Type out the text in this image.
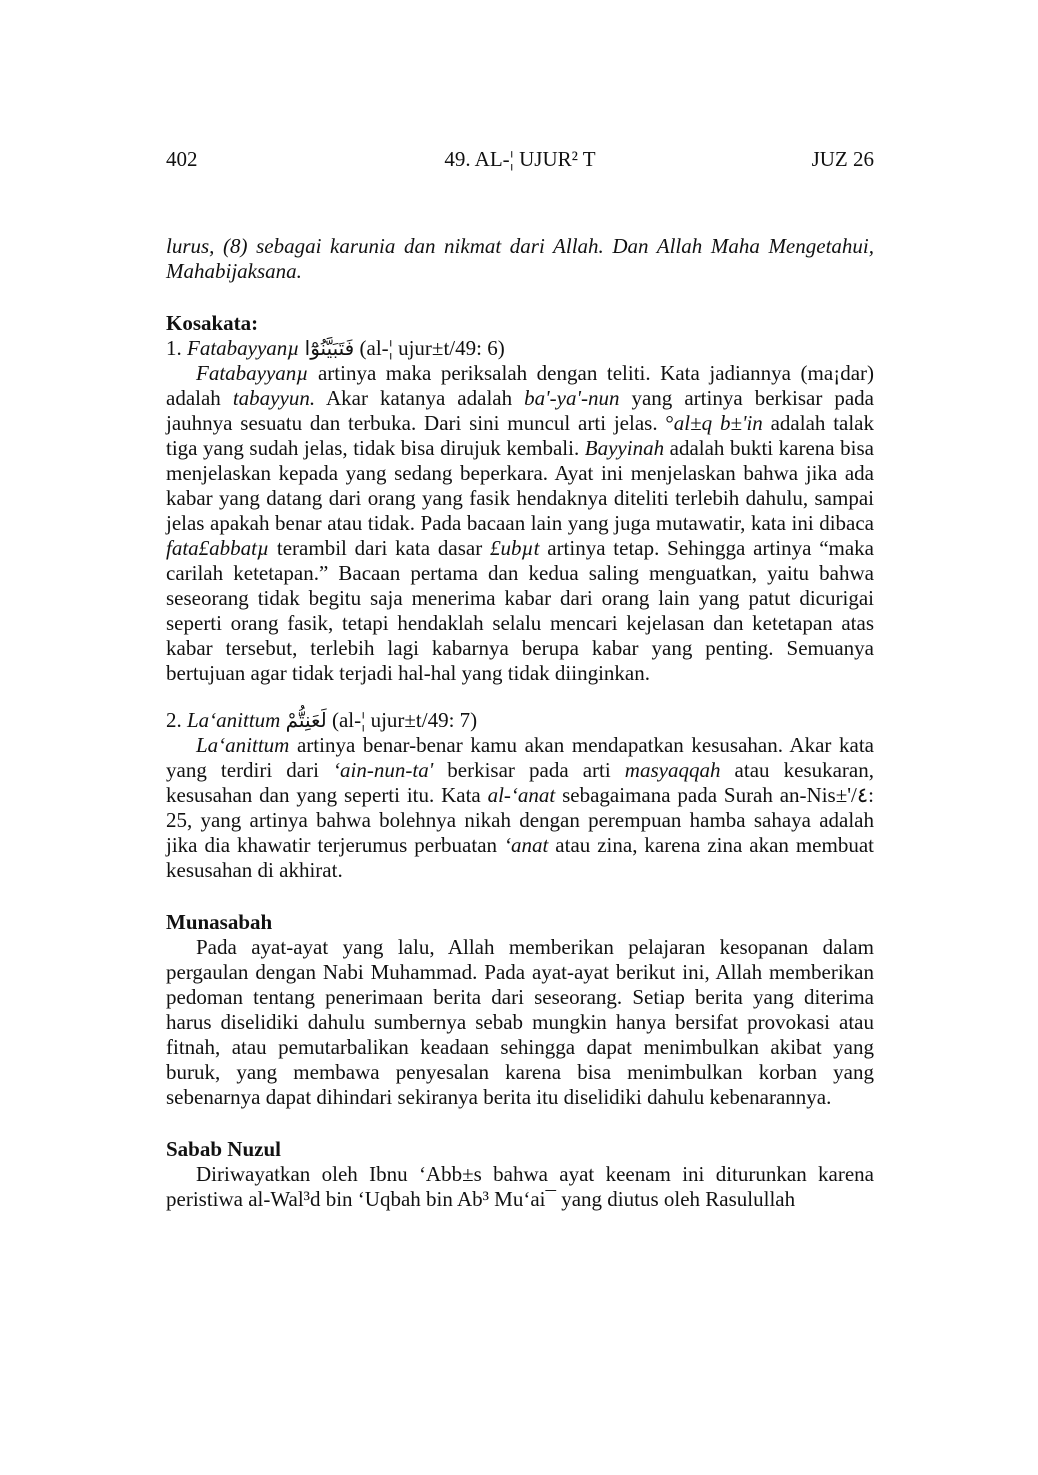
402	49. AL-¦ UJUR² T	JUZ 26

lurus, (8) sebagai karunia dan nikmat dari Allah. Dan Allah Maha Mengetahui, Mahabijaksana.

Kosakata:

1. Fatabayyanµ فَتَبَيَّنُوْٓا (al-¦ ujur±t/49: 6)

Fatabayyanµ artinya maka periksalah dengan teliti. Kata jadiannya (ma¡dar) adalah tabayyun. Akar katanya adalah ba'-ya'-nun yang artinya berkisar pada jauhnya sesuatu dan terbuka. Dari sini muncul arti jelas. °al±q b±'in adalah talak tiga yang sudah jelas, tidak bisa dirujuk kembali. Bayyinah adalah bukti karena bisa menjelaskan kepada yang sedang beperkara. Ayat ini menjelaskan bahwa jika ada kabar yang datang dari orang yang fasik hendaknya diteliti terlebih dahulu, sampai jelas apakah benar atau tidak. Pada bacaan lain yang juga mutawatir, kata ini dibaca fata£abbatµ terambil dari kata dasar £ubµt artinya tetap. Sehingga artinya “maka carilah ketetapan.” Bacaan pertama dan kedua saling menguatkan, yaitu bahwa seseorang tidak begitu saja menerima kabar dari orang lain yang patut dicurigai seperti orang fasik, tetapi hendaklah selalu mencari kejelasan dan ketetapan atas kabar tersebut, terlebih lagi kabarnya berupa kabar yang penting. Semuanya bertujuan agar tidak terjadi hal-hal yang tidak diinginkan.

2. La‘anittum لَعَنِتُّمْ (al-¦ ujur±t/49: 7)

La‘anittum artinya benar-benar kamu akan mendapatkan kesusahan. Akar kata yang terdiri dari ‘ain-nun-ta' berkisar pada arti masyaqqah atau kesukaran, kesusahan dan yang seperti itu. Kata al-‘anat sebagaimana pada Surah an-Nis±'/٤: 25, yang artinya bahwa bolehnya nikah dengan perempuan hamba sahaya adalah jika dia khawatir terjerumus perbuatan ‘anat atau zina, karena zina akan membuat kesusahan di akhirat.

Munasabah

Pada ayat-ayat yang lalu, Allah memberikan pelajaran kesopanan dalam pergaulan dengan Nabi Muhammad. Pada ayat-ayat berikut ini, Allah memberikan pedoman tentang penerimaan berita dari seseorang. Setiap berita yang diterima harus diselidiki dahulu sumbernya sebab mungkin hanya bersifat provokasi atau fitnah, atau pemutarbalikan keadaan sehingga dapat menimbulkan akibat yang buruk, yang membawa penyesalan karena bisa menimbulkan korban yang sebenarnya dapat dihindari sekiranya berita itu diselidiki dahulu kebenarannya.

Sabab Nuzul

Diriwayatkan oleh Ibnu ‘Abb±s bahwa ayat keenam ini diturunkan karena peristiwa al-Wal³d bin ‘Uqbah bin Ab³ Mu‘ai¯ yang diutus oleh Rasulullah
